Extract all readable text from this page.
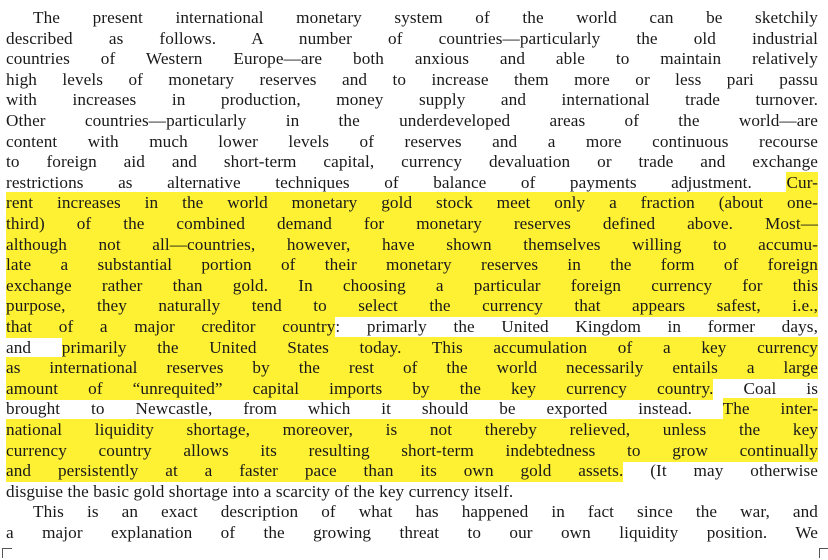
The present international monetary system of the world can be sketchily
described as follows. A number of countries—particularly the old industrial
countries of Western Europe—are both anxious and able to maintain relatively
high levels of monetary reserves and to increase them more or less pari passu
with increases in production, money supply and international trade turnover.
Other countries—particularly in the underdeveloped areas of the world—are
content with much lower levels of reserves and a more continuous recourse
to foreign aid and short-term capital, currency devaluation or trade and exchange
restrictions as alternative techniques of balance of payments adjustment. Cur-
rent increases in the world monetary gold stock meet only a fraction (about one-
third) of the combined demand for monetary reserves defined above. Most—
although not all—countries, however, have shown themselves willing to accumu-
late a substantial portion of their monetary reserves in the form of foreign
exchange rather than gold. In choosing a particular foreign currency for this
purpose, they naturally tend to select the currency that appears safest, i.e.,
that of a major creditor country: primarly the United Kingdom in former days,
and primarily the United States today. This accumulation of a key currency
as international reserves by the rest of the world necessarily entails a large
amount of “unrequited” capital imports by the key currency country. Coal is
brought to Newcastle, from which it should be exported instead. The inter-
national liquidity shortage, moreover, is not thereby relieved, unless the key
currency country allows its resulting short-term indebtedness to grow continually
and persistently at a faster pace than its own gold assets. (It may otherwise
disguise the basic gold shortage into a scarcity of the key currency itself.
This is an exact description of what has happened in fact since the war, and
a major explanation of the growing threat to our own liquidity position. We
